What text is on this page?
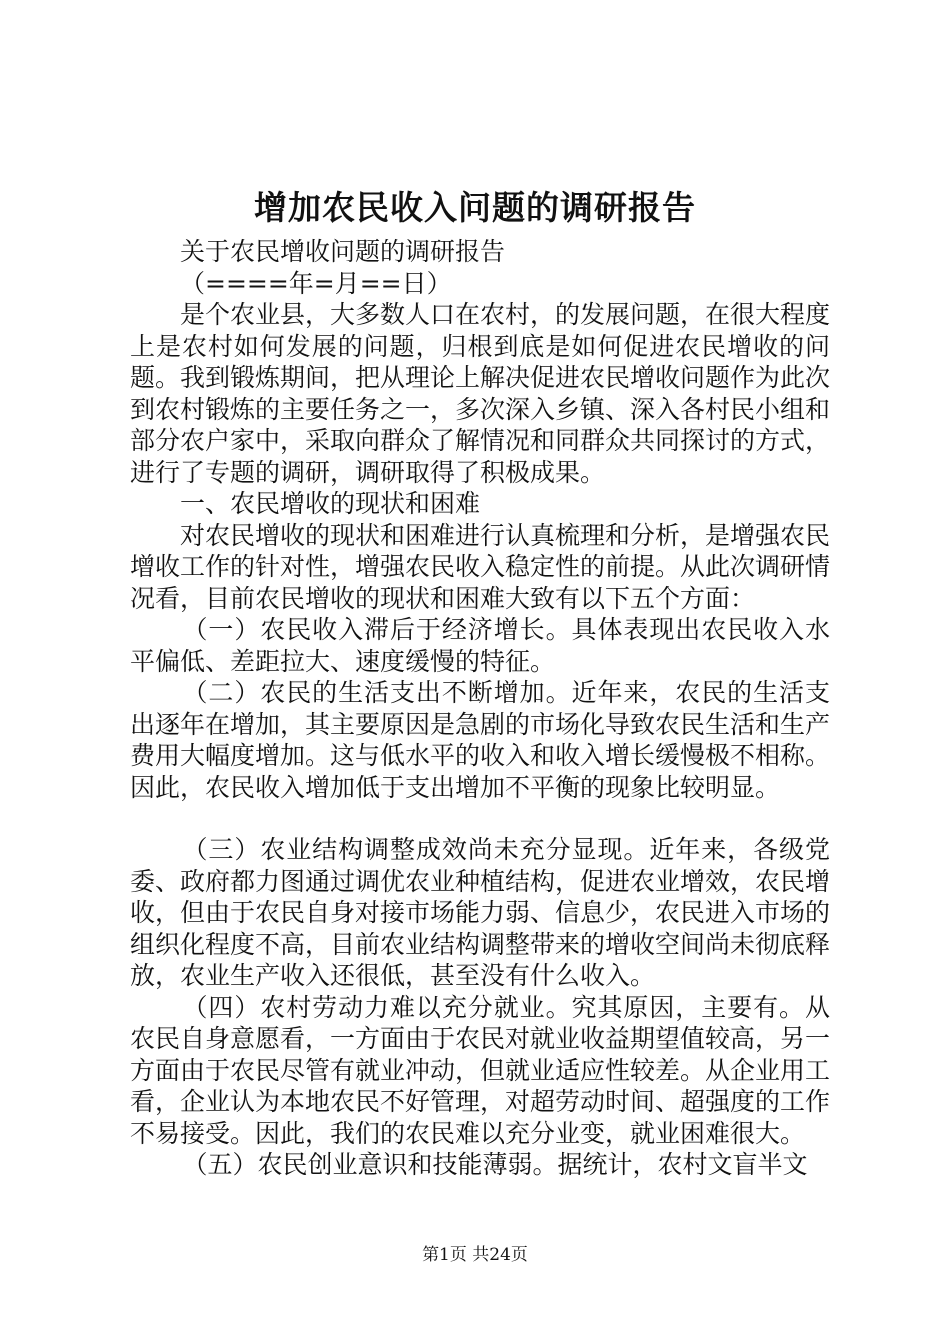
增加农民收入问题的调研报告

关于农民增收问题的调研报告

（====年=月==日）

是个农业县，大多数人口在农村，的发展问题，在很大程度上是农村如何发展的问题，归根到底是如何促进农民增收的问题。我到锻炼期间，把从理论上解决促进农民增收问题作为此次到农村锻炼的主要任务之一，多次深入乡镇、深入各村民小组和部分农户家中，采取向群众了解情况和同群众共同探讨的方式，进行了专题的调研，调研取得了积极成果。

一、农民增收的现状和困难

对农民增收的现状和困难进行认真梳理和分析，是增强农民增收工作的针对性，增强农民收入稳定性的前提。从此次调研情况看，目前农民增收的现状和困难大致有以下五个方面：

（一）农民收入滞后于经济增长。具体表现出农民收入水平偏低、差距拉大、速度缓慢的特征。

（二）农民的生活支出不断增加。近年来，农民的生活支出逐年在增加，其主要原因是急剧的市场化导致农民生活和生产费用大幅度增加。这与低水平的收入和收入增长缓慢极不相称。因此，农民收入增加低于支出增加不平衡的现象比较明显。

（三）农业结构调整成效尚未充分显现。近年来，各级党委、政府都力图通过调优农业种植结构，促进农业增效，农民增收，但由于农民自身对接市场能力弱、信息少，农民进入市场的组织化程度不高，目前农业结构调整带来的增收空间尚未彻底释放，农业生产收入还很低，甚至没有什么收入。

（四）农村劳动力难以充分就业。究其原因，主要有。从农民自身意愿看，一方面由于农民对就业收益期望值较高，另一方面由于农民尽管有就业冲动，但就业适应性较差。从企业用工看，企业认为本地农民不好管理，对超劳动时间、超强度的工作不易接受。因此，我们的农民难以充分业变，就业困难很大。

（五）农民创业意识和技能薄弱。据统计，农村文盲半文

第1页 共24页
